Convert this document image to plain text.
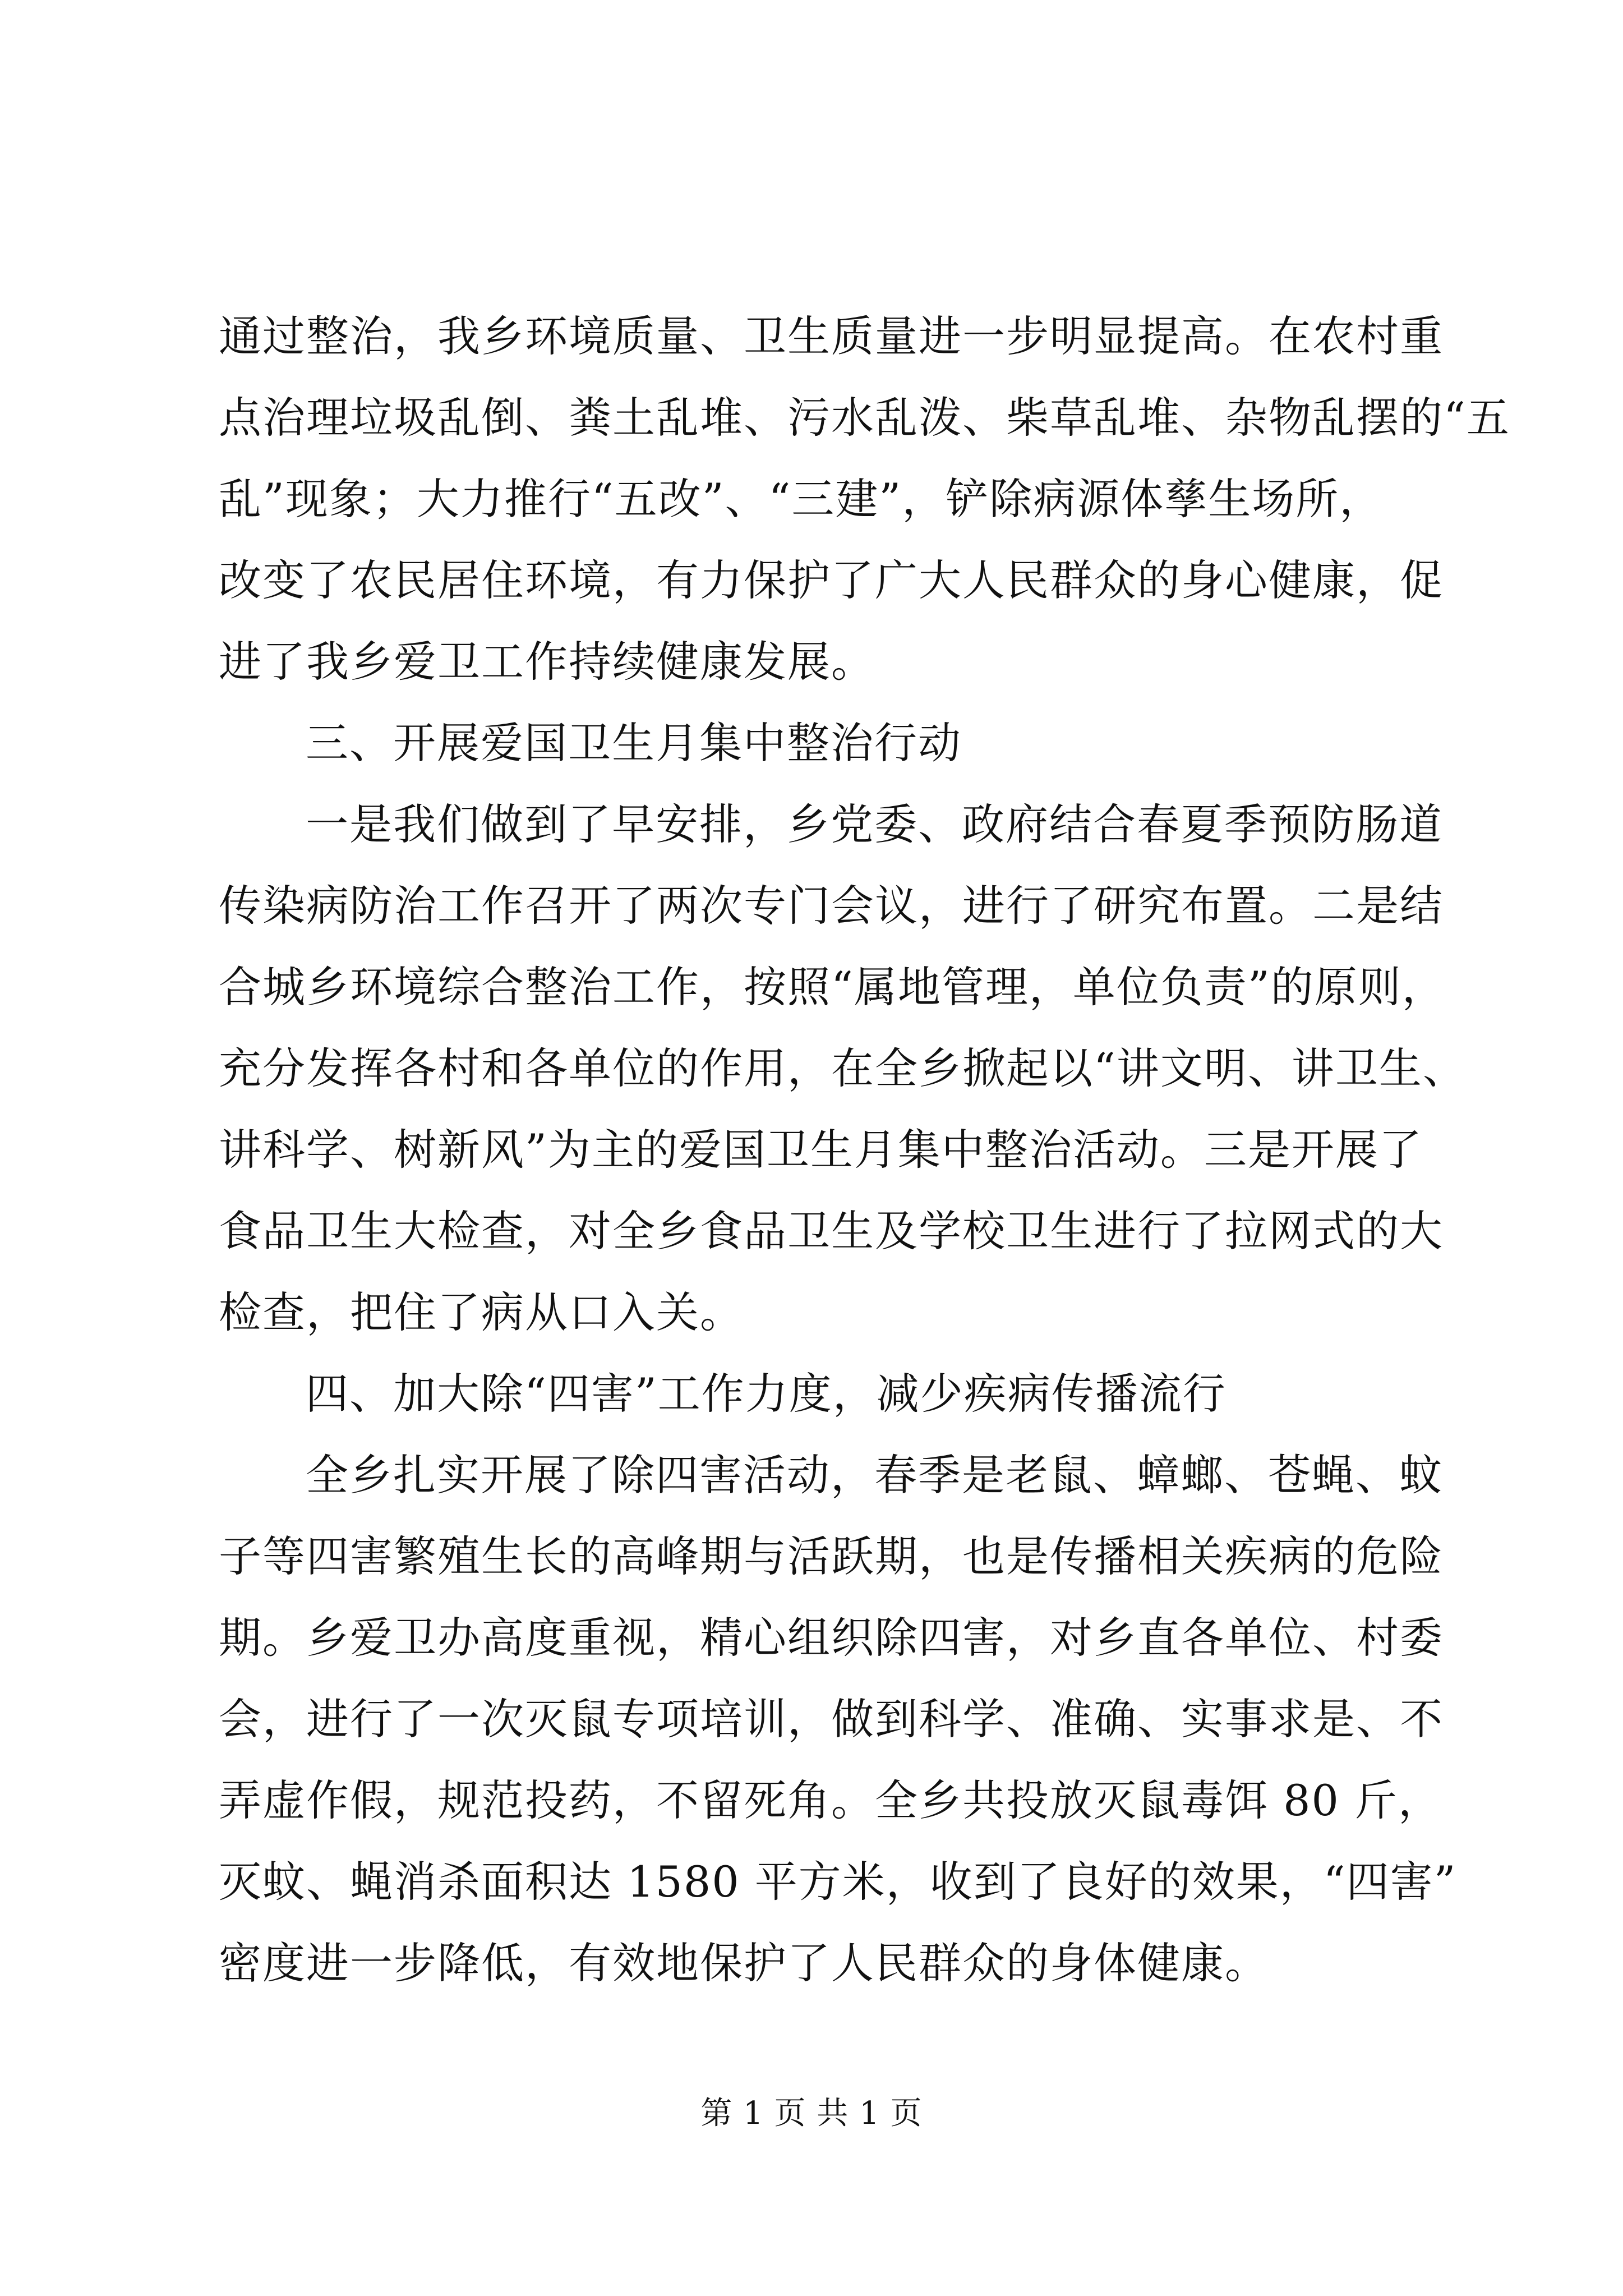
通过整治，我乡环境质量、卫生质量进一步明显提高。在农村重

点治理垃圾乱倒、粪土乱堆、污水乱泼、柴草乱堆、杂物乱摆的“五

乱”现象；大力推行“五改”、“三建”，铲除病源体孳生场所，

改变了农民居住环境，有力保护了广大人民群众的身心健康，促

进了我乡爱卫工作持续健康发展。

三、开展爱国卫生月集中整治行动

一是我们做到了早安排，乡党委、政府结合春夏季预防肠道

传染病防治工作召开了两次专门会议，进行了研究布置。二是结

合城乡环境综合整治工作，按照“属地管理，单位负责”的原则，

充分发挥各村和各单位的作用，在全乡掀起以“讲文明、讲卫生、

讲科学、树新风”为主的爱国卫生月集中整治活动。三是开展了

食品卫生大检查，对全乡食品卫生及学校卫生进行了拉网式的大

检查，把住了病从口入关。

四、加大除“四害”工作力度，减少疾病传播流行

全乡扎实开展了除四害活动，春季是老鼠、蟑螂、苍蝇、蚊

子等四害繁殖生长的高峰期与活跃期，也是传播相关疾病的危险

期。乡爱卫办高度重视，精心组织除四害，对乡直各单位、村委

会，进行了一次灭鼠专项培训，做到科学、准确、实事求是、不

弄虚作假，规范投药，不留死角。全乡共投放灭鼠毒饵 80 斤，

灭蚊、蝇消杀面积达 1580 平方米，收到了良好的效果，“四害”

密度进一步降低，有效地保护了人民群众的身体健康。

第 1 页 共 1 页
